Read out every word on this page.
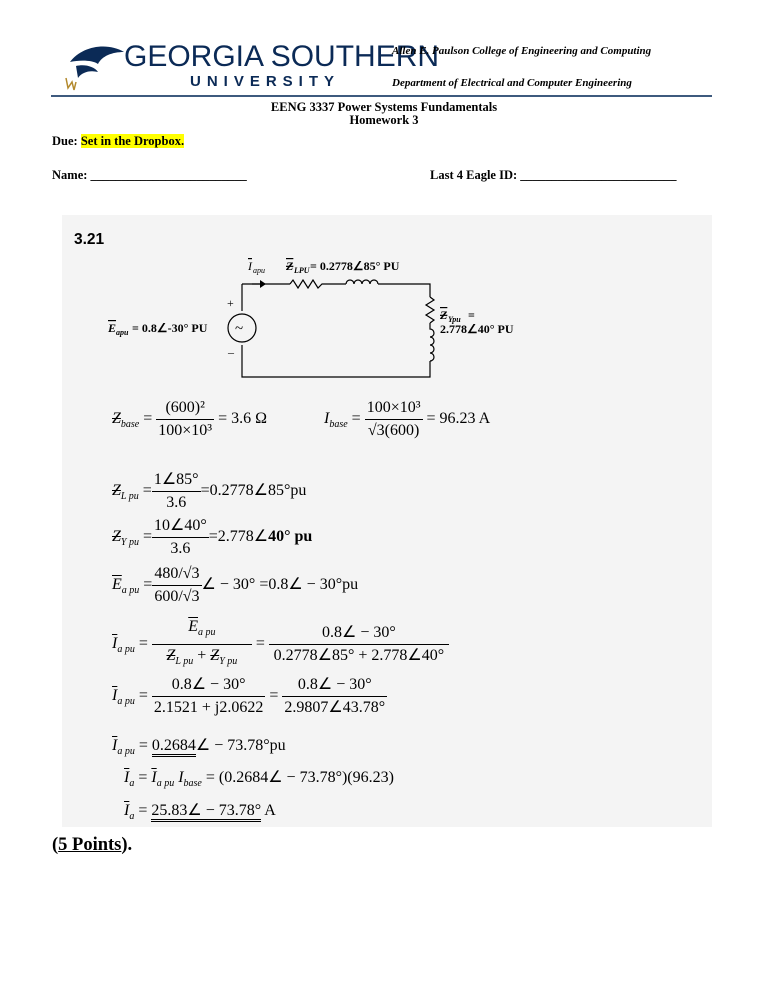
GEORGIA SOUTHERN
UNIVERSITY
Allen E. Paulson College of Engineering and Computing
Department of Electrical and Computer Engineering
EENG 3337 Power Systems Fundamentals
Homework 3
Due: Set in the Dropbox.
Name: _________________________	Last 4 Eagle ID: _________________________
3.21
~
+
–
I apu Z LPU = 0.2778∠85° PU
E apu = 0.8∠-30° PU
Z Ypu =
2.778∠40° PU
$Z_{base} = \frac{\text{(600)²}}{\text{100×10³}} = 3.6$ Ω	$I_{base} = \frac{\text{100×10³}}{√3(600)} = 96.23$ A
$Z_{L pu} = \frac{1\angle 85^\circ}{3.6}$ =0.2778∠85°pu
$Z_{Y pu} = \frac{10\angle 40^\circ}{3.6}$ =2.778∠40° pu
$\overline{E}_{a pu} = \frac{480/√3}{600/√3}$ ∠ − 30° =0.8∠ − 30°pu
$\overline{I}_{a pu} = \frac{\overline{E}_{a pu}}{Z_{L pu} + Z_{Y pu}} = \frac{0.8\angle - 30^\circ}{0.2778\angle 85^\circ + 2.778\angle 40^\circ}$
$\overline{I}_{a pu} = \frac{0.8\angle - 30^\circ}{2.1521 + j2.0622} = \frac{0.8\angle - 30^\circ}{2.9807\angle 43.78^\circ}$
$\overline{I}_{a pu}$ = 0.2684∠ − 73.78°pu
$\overline{I}_a = \overline{I}_{a pu}$ $I_{base}$ = (0.2684∠ − 73.78°)(96.23)
$\overline{I}_a$ = 25.83∠ − 73.78° A
(5 Points).
